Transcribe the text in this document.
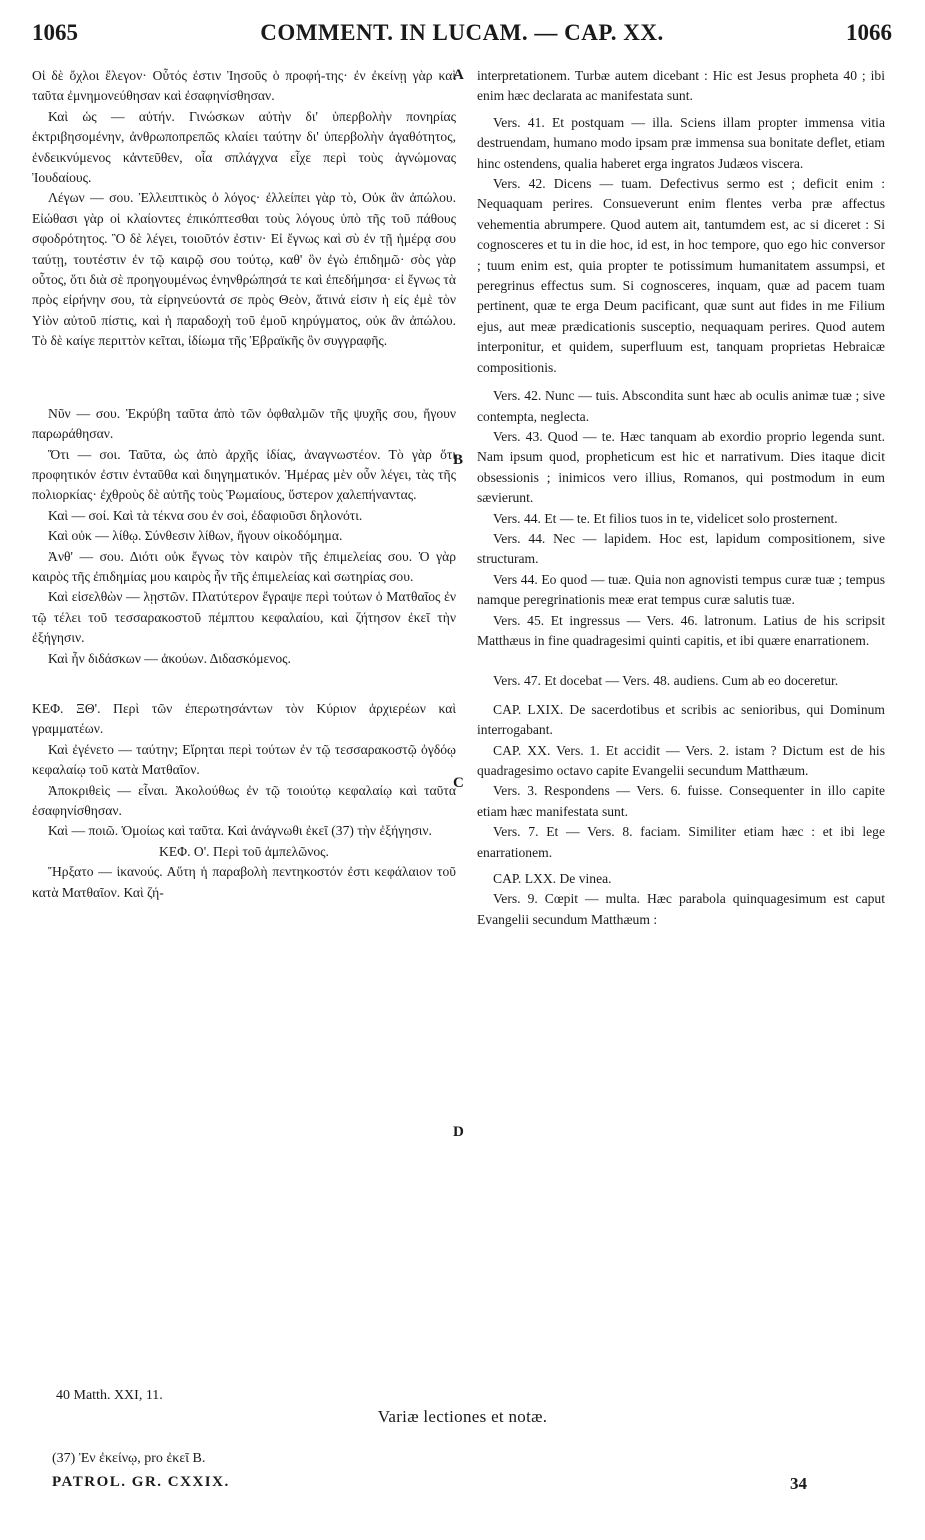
1065	COMMENT. IN LUCAM. — CAP. XX.	1066

Οἱ δὲ ὄχλοι ἔλεγον· Οὗτός ἐστιν Ἰησοῦς ὁ προφή-της· ἐν ἐκείνῃ γὰρ καὶ ταῦτα ἐμνημονεύθησαν καὶ ἐσαφηνίσθησαν.

Καὶ ὡς — αὐτήν. Γινώσκων αὐτὴν δι' ὑπερβολὴν πονηρίας ἐκτριβησομένην, ἀνθρωποπρεπῶς κλαίει ταύτην δι' ὑπερβολὴν ἀγαθότητος, ἐνδεικνύμενος κἀντεῦθεν, οἷα σπλάγχνα εἶχε περὶ τοὺς ἀγνώμονας Ἰουδαίους.

Λέγων — σου. Ἐλλειπτικὸς ὁ λόγος· ἐλλείπει γὰρ τὸ, Οὐκ ἂν ἀπώλου. Εἰώθασι γὰρ οἱ κλαίοντες ἐπικόπτεσθαι τοὺς λόγους ὑπὸ τῆς τοῦ πάθους σφοδρότητος. Ὃ δὲ λέγει, τοιοῦτόν ἐστιν· Εἰ ἔγνως καὶ σὺ ἐν τῇ ἡμέρᾳ σου ταύτῃ, τουτέστιν ἐν τῷ καιρῷ σου τούτῳ, καθ' ὃν ἐγὼ ἐπιδημῶ· σὸς γὰρ οὗτος, ὅτι διὰ σὲ προηγουμένως ἐνηνθρώπησά τε καὶ ἐπεδήμησα· εἰ ἔγνως τὰ πρὸς εἰρήνην σου, τὰ εἰρηνεύοντά σε πρὸς Θεὸν, ἅτινά εἰσιν ἡ εἰς ἐμὲ τὸν Υἱὸν αὐτοῦ πίστις, καὶ ἡ παραδοχὴ τοῦ ἐμοῦ κηρύγματος, οὐκ ἂν ἀπώλου. Τὸ δὲ καίγε περιττὸν κεῖται, ἰδίωμα τῆς Ἑβραϊκῆς ὂν συγγραφῆς.

Νῦν — σου. Ἐκρύβη ταῦτα ἀπὸ τῶν ὀφθαλμῶν τῆς ψυχῆς σου, ἤγουν παρωράθησαν.

Ὅτι — σοι. Ταῦτα, ὡς ἀπὸ ἀρχῆς ἰδίας, ἀναγνωστέον. Τὸ γὰρ ὅτι προφητικόν ἐστιν ἐνταῦθα καὶ διηγηματικόν. Ἡμέρας μὲν οὖν λέγει, τὰς τῆς πολιορκίας· ἐχθροὺς δὲ αὐτῆς τοὺς Ῥωμαίους, ὕστερον χαλεπήναντας.

Καὶ — σοί. Καὶ τὰ τέκνα σου ἐν σοὶ, ἐδαφιοῦσι δηλονότι.

Καὶ οὐκ — λίθῳ. Σύνθεσιν λίθων, ἤγουν οἰκοδόμημα.

Ἀνθ' — σου. Διότι οὐκ ἔγνως τὸν καιρὸν τῆς ἐπιμελείας σου. Ὁ γὰρ καιρὸς τῆς ἐπιδημίας μου καιρὸς ἦν τῆς ἐπιμελείας καὶ σωτηρίας σου.

Καὶ εἰσελθὼν — λῃστῶν. Πλατύτερον ἔγραψε περὶ τούτων ὁ Ματθαῖος ἐν τῷ τέλει τοῦ τεσσαρακοστοῦ πέμπτου κεφαλαίου, καὶ ζήτησον ἐκεῖ τὴν ἐξήγησιν.

Καὶ ἦν διδάσκων — ἀκούων. Διδασκόμενος.

ΚΕΦ. ΞΘ'. Περὶ τῶν ἐπερωτησάντων τὸν Κύριον ἀρχιερέων καὶ γραμματέων.

Καὶ ἐγένετο — ταύτην; Εἴρηται περὶ τούτων ἐν τῷ τεσσαρακοστῷ ὀγδόῳ κεφαλαίῳ τοῦ κατὰ Ματθαῖον.

Ἀποκριθεὶς — εἶναι. Ἀκολούθως ἐν τῷ τοιούτῳ κεφαλαίῳ καὶ ταῦτα ἐσαφηνίσθησαν.

Καὶ — ποιῶ. Ὁμοίως καὶ ταῦτα. Καὶ ἀνάγνωθι ἐκεῖ (37) τὴν ἐξήγησιν.

ΚΕΦ. Ο'. Περὶ τοῦ ἀμπελῶνος.

Ἤρξατο — ἱκανούς. Αὕτη ἡ παραβολὴ πεντηκοστόν ἐστι κεφάλαιον τοῦ κατὰ Ματθαῖον. Καὶ ζή-

interpretationem. Turbæ autem dicebant : Hic est Jesus propheta 40 ; ibi enim hæc declarata ac manifestata sunt.

Vers. 41. Et postquam — illa. Sciens illam propter immensa vitia destruendam, humano modo ipsam præ immensa sua bonitate deflet, etiam hinc ostendens, qualia haberet erga ingratos Judæos viscera.

Vers. 42. Dicens — tuam. Defectivus sermo est ; deficit enim : Nequaquam perires. Consueverunt enim flentes verba præ affectus vehementia abrumpere. Quod autem ait, tantumdem est, ac si diceret : Si cognosceres et tu in die hoc, id est, in hoc tempore, quo ego hic conversor ; tuum enim est, quia propter te potissimum humanitatem assumpsi, et peregrinus effectus sum. Si cognosceres, inquam, quæ ad pacem tuam pertinent, quæ te erga Deum pacificant, quæ sunt aut fides in me Filium ejus, aut meæ prædicationis susceptio, nequaquam perires. Quod autem interponitur, et quidem, superfluum est, tanquam proprietas Hebraicæ compositionis.

Vers. 42. Nunc — tuis. Abscondita sunt hæc ab oculis animæ tuæ ; sive contempta, neglecta.

Vers. 43. Quod — te. Hæc tanquam ab exordio proprio legenda sunt. Nam ipsum quod, propheticum est hic et narrativum. Dies itaque dicit obsessionis ; inimicos vero illius, Romanos, qui postmodum in eum sævierunt.

Vers. 44. Et — te. Et filios tuos in te, videlicet solo prosternent.

Vers. 44. Nec — lapidem. Hoc est, lapidum compositionem, sive structuram.

Vers 44. Eo quod — tuæ. Quia non agnovisti tempus curæ tuæ ; tempus namque peregrinationis meæ erat tempus curæ salutis tuæ.

Vers. 45. Et ingressus — Vers. 46. latronum. Latius de his scripsit Matthæus in fine quadragesimi quinti capitis, et ibi quære enarrationem.

Vers. 47. Et docebat — Vers. 48. audiens. Cum ab eo doceretur.

CAP. LXIX. De sacerdotibus et scribis ac senioribus, qui Dominum interrogabant.

CAP. XX. Vers. 1. Et accidit — Vers. 2. istam ? Dictum est de his quadragesimo octavo capite Evangelii secundum Matthæum.

Vers. 3. Respondens — Vers. 6. fuisse. Consequenter in illo capite etiam hæc manifestata sunt.

Vers. 7. Et — Vers. 8. faciam. Similiter etiam hæc : et ibi lege enarrationem.

CAP. LXX. De vinea.

Vers. 9. Cœpit — multa. Hæc parabola quinquagesimum est caput Evangelii secundum Matthæum :

A
B
C
D
40 Matth. XXI, 11.
Variæ lectiones et notæ.
(37) Ἐν ἐκείνῳ, pro ἐκεῖ B.
PATROL. GR. CXXIX.	34
